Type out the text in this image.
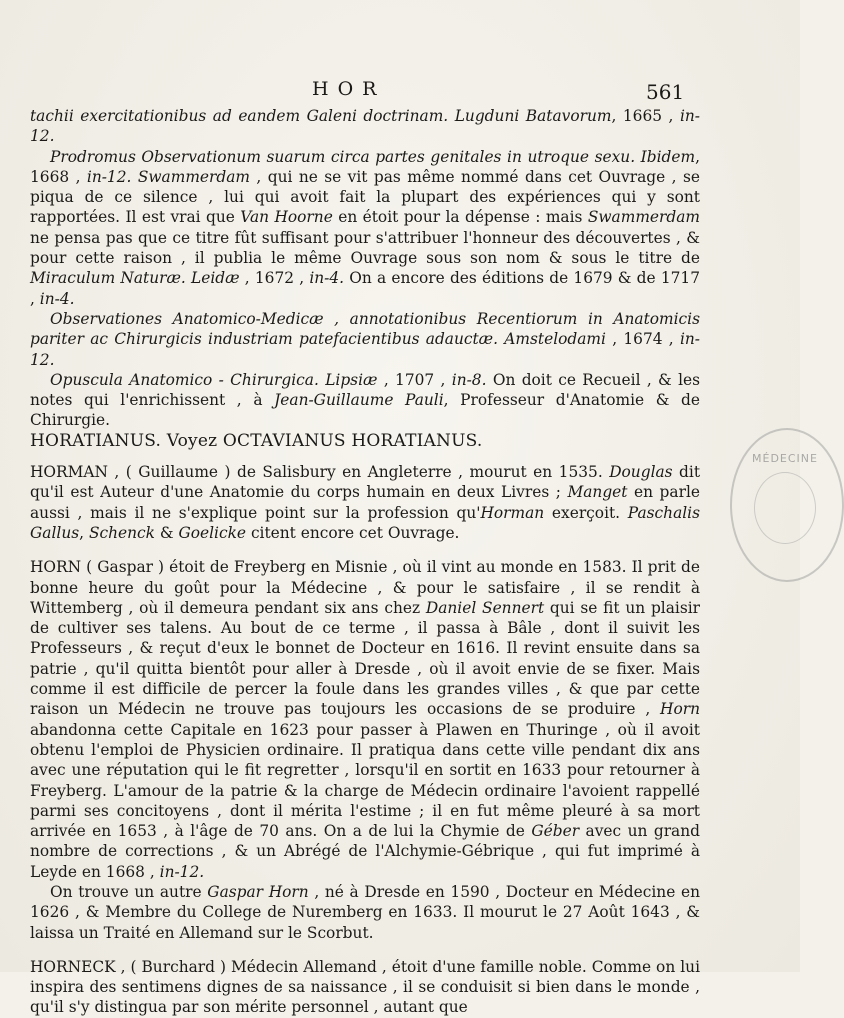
HOR	561

tachii exercitationibus ad eandem Galeni doctrinam. Lugduni Batavorum, 1665 , in-12.

Prodromus Observationum suarum circa partes genitales in utroque sexu. Ibidem, 1668 , in-12. Swammerdam , qui ne se vit pas même nommé dans cet Ouvrage , se piqua de ce silence , lui qui avoit fait la plupart des expériences qui y sont rapportées. Il est vrai que Van Hoorne en étoit pour la dépense : mais Swammerdam ne pensa pas que ce titre fût suffisant pour s'attribuer l'honneur des découvertes , & pour cette raison , il publia le même Ouvrage sous son nom & sous le titre de Miraculum Naturæ. Leidæ , 1672 , in-4. On a encore des éditions de 1679 & de 1717 , in-4.

Observationes Anatomico-Medicæ , annotationibus Recentiorum in Anatomicis pariter ac Chirurgicis industriam patefacientibus adauctæ. Amstelodami , 1674 , in-12.

Opuscula Anatomico - Chirurgica. Lipsiæ , 1707 , in-8. On doit ce Recueil , & les notes qui l'enrichissent , à Jean-Guillaume Pauli, Professeur d'Anatomie & de Chirurgie.

HORATIANUS. Voyez OCTAVIANUS HORATIANUS.

HORMAN , ( Guillaume ) de Salisbury en Angleterre , mourut en 1535. Douglas dit qu'il est Auteur d'une Anatomie du corps humain en deux Livres ; Manget en parle aussi , mais il ne s'explique point sur la profession qu'Horman exerçoit. Paschalis Gallus, Schenck & Goelicke citent encore cet Ouvrage.

HORN ( Gaspar ) étoit de Freyberg en Misnie , où il vint au monde en 1583. Il prit de bonne heure du goût pour la Médecine , & pour le satisfaire , il se rendit à Wittemberg , où il demeura pendant six ans chez Daniel Sennert qui se fit un plaisir de cultiver ses talens. Au bout de ce terme , il passa à Bâle , dont il suivit les Professeurs , & reçut d'eux le bonnet de Docteur en 1616. Il revint ensuite dans sa patrie , qu'il quitta bientôt pour aller à Dresde , où il avoit envie de se fixer. Mais comme il est difficile de percer la foule dans les grandes villes , & que par cette raison un Médecin ne trouve pas toujours les occasions de se produire , Horn abandonna cette Capitale en 1623 pour passer à Plawen en Thuringe , où il avoit obtenu l'emploi de Physicien ordinaire. Il pratiqua dans cette ville pendant dix ans avec une réputation qui le fit regretter , lorsqu'il en sortit en 1633 pour retourner à Freyberg. L'amour de la patrie & la charge de Médecin ordinaire l'avoient rappellé parmi ses concitoyens , dont il mérita l'estime ; il en fut même pleuré à sa mort arrivée en 1653 , à l'âge de 70 ans. On a de lui la Chymie de Géber avec un grand nombre de corrections , & un Abrégé de l'Alchymie-Gébrique , qui fut imprimé à Leyde en 1668 , in-12.

On trouve un autre Gaspar Horn , né à Dresde en 1590 , Docteur en Médecine en 1626 , & Membre du College de Nuremberg en 1633. Il mourut le 27 Août 1643 , & laissa un Traité en Allemand sur le Scorbut.

HORNECK , ( Burchard ) Médecin Allemand , étoit d'une famille noble. Comme on lui inspira des sentimens dignes de sa naissance , il se conduisit si bien dans le monde , qu'il s'y distingua par son mérite personnel , autant que

MÉDECINE
